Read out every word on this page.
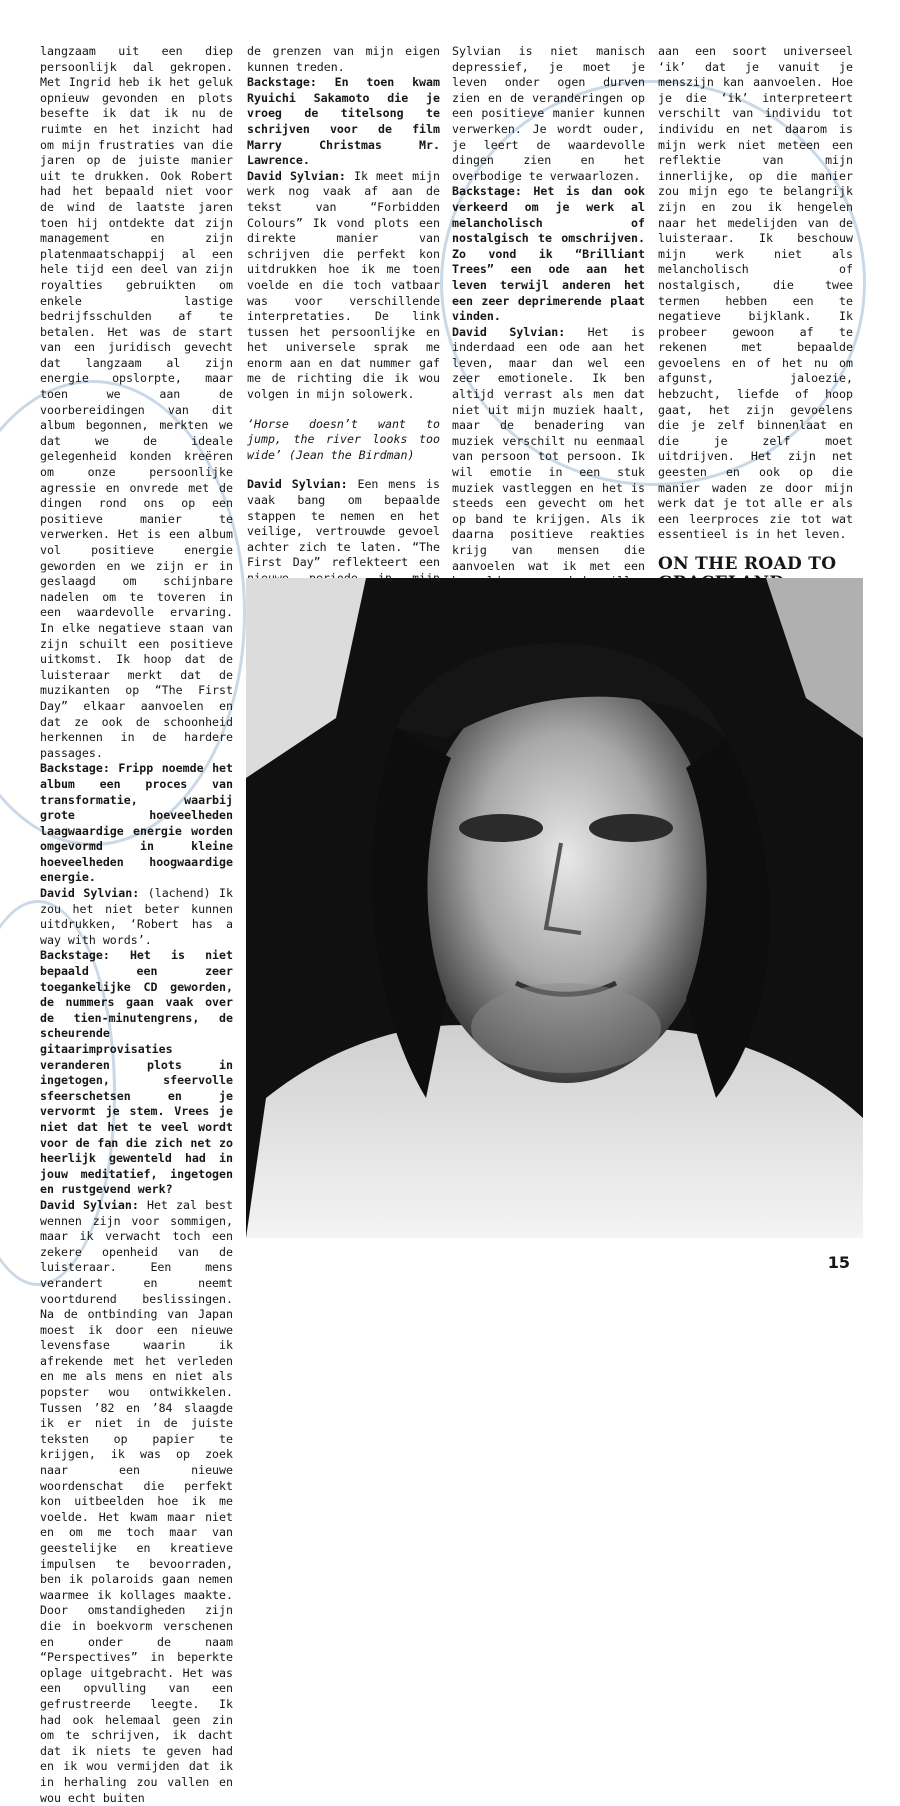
langzaam uit een diep persoonlijk dal gekropen. Met Ingrid heb ik het geluk opnieuw gevonden en plots besefte ik dat ik nu de ruimte en het inzicht had om mijn frustraties van die jaren op de juiste manier uit te drukken. Ook Robert had het bepaald niet voor de wind de laatste jaren toen hij ontdekte dat zijn management en zijn platenmaatschappij al een hele tijd een deel van zijn royalties gebruikten om enkele lastige bedrijfsschulden af te betalen. Het was de start van een juridisch gevecht dat langzaam al zijn energie opslorpte, maar toen we aan de voorbereidingen van dit album begonnen, merkten we dat we de ideale gelegenheid konden kreëren om onze persoonlijke agressie en onvrede met de dingen rond ons op een positieve manier te verwerken. Het is een album vol positieve energie geworden en we zijn er in geslaagd om schijnbare nadelen om te toveren in een waardevolle ervaring. In elke negatieve staan van zijn schuilt een positieve uitkomst. Ik hoop dat de luisteraar merkt dat de muzikanten op “The First Day” elkaar aanvoelen en dat ze ook de schoonheid herkennen in de hardere passages.

Backstage: Fripp noemde het album een proces van transformatie, waarbij grote hoeveelheden laagwaardige energie worden omgevormd in kleine hoeveelheden hoogwaardige energie.

David Sylvian: (lachend) Ik zou het niet beter kunnen uitdrukken, ‘Robert has a way with words’.

Backstage: Het is niet bepaald een zeer toegankelijke CD geworden, de nummers gaan vaak over de tien-minutengrens, de scheurende gitaarimprovisaties veranderen plots in ingetogen, sfeervolle sfeerschetsen en je vervormt je stem. Vrees je niet dat het te veel wordt voor de fan die zich net zo heerlijk gewenteld had in jouw meditatief, ingetogen en rustgevend werk?

David Sylvian: Het zal best wennen zijn voor sommigen, maar ik verwacht toch een zekere openheid van de luisteraar. Een mens verandert en neemt voortdurend beslissingen. Na de ontbinding van Japan moest ik door een nieuwe levensfase waarin ik afrekende met het verleden en me als mens en niet als popster wou ontwikkelen. Tussen ’82 en ’84 slaagde ik er niet in de juiste teksten op papier te krijgen, ik was op zoek naar een nieuwe woordenschat die perfekt kon uitbeelden hoe ik me voelde. Het kwam maar niet en om me toch maar van geestelijke en kreatieve impulsen te bevoorraden, ben ik polaroids gaan nemen waarmee ik kollages maakte. Door omstandigheden zijn die in boekvorm verschenen en onder de naam “Perspectives” in beperkte oplage uitgebracht. Het was een opvulling van een gefrustreerde leegte. Ik had ook helemaal geen zin om te schrijven, ik dacht dat ik niets te geven had en ik wou vermijden dat ik in herhaling zou vallen en wou echt buiten

de grenzen van mijn eigen kunnen treden.

Backstage: En toen kwam Ryuichi Sakamoto die je vroeg de titelsong te schrijven voor de film Marry Christmas Mr. Lawrence.

David Sylvian: Ik meet mijn werk nog vaak af aan de tekst van “Forbidden Colours” Ik vond plots een direkte manier van schrijven die perfekt kon uitdrukken hoe ik me toen voelde en die toch vatbaar was voor verschillende interpretaties. De link tussen het persoonlijke en het universele sprak me enorm aan en dat nummer gaf me de richting die ik wou volgen in mijn solowerk.

‘Horse doesn’t want to jump, the river looks too wide’ (Jean the Birdman)

David Sylvian: Een mens is vaak bang om bepaalde stappen te nemen en het veilige, vertrouwde gevoel achter zich te laten. “The First Day” reflekteert een

Sylvian is niet manisch depressief, je moet je leven onder ogen durven zien en de veranderingen op een positieve manier kunnen verwerken. Je wordt ouder, je leert de waardevolle dingen zien en het overbodige te verwaarlozen.

Backstage: Het is dan ook verkeerd om je werk al melancholisch of nostalgisch te omschrijven. Zo vond ik “Brilliant Trees” een ode aan het leven terwijl anderen het een zeer deprimerende plaat vinden.

David Sylvian: Het is inderdaad een ode aan het leven, maar dan wel een zeer emotionele. Ik ben altijd verrast als men dat niet uit mijn muziek haalt, maar de benadering van muziek verschilt nu eenmaal van persoon tot persoon. Ik wil emotie in een stuk muziek vastleggen en het is steeds een gevecht om het op band te krijgen. Als ik daarna positieve reakties krijg van mensen die aanvoelen wat ik met een

aan een soort universeel ‘ik’ dat je vanuit je menszijn kan aanvoelen. Hoe je die ‘ik’ interpreteert verschilt van individu tot individu en net daarom is mijn werk niet meteen een reflektie van mijn innerlijke, op die manier zou mijn ego te belangrijk zijn en zou ik hengelen naar het medelijden van de luisteraar. Ik beschouw mijn werk niet als melancholisch of nostalgisch, die twee termen hebben een te negatieve bijklank. Ik probeer gewoon af te rekenen met bepaalde gevoelens en of het nu om afgunst, jaloezie, hebzucht, liefde of hoop gaat, het zijn gevoelens die je zelf binnenlaat en die je zelf moet uitdrijven. Het zijn net geesten en ook op die manier waden ze door mijn werk dat je tot alle er als een leerproces zie tot wat essentieel is in het leven.

ON THE ROAD TO

15
